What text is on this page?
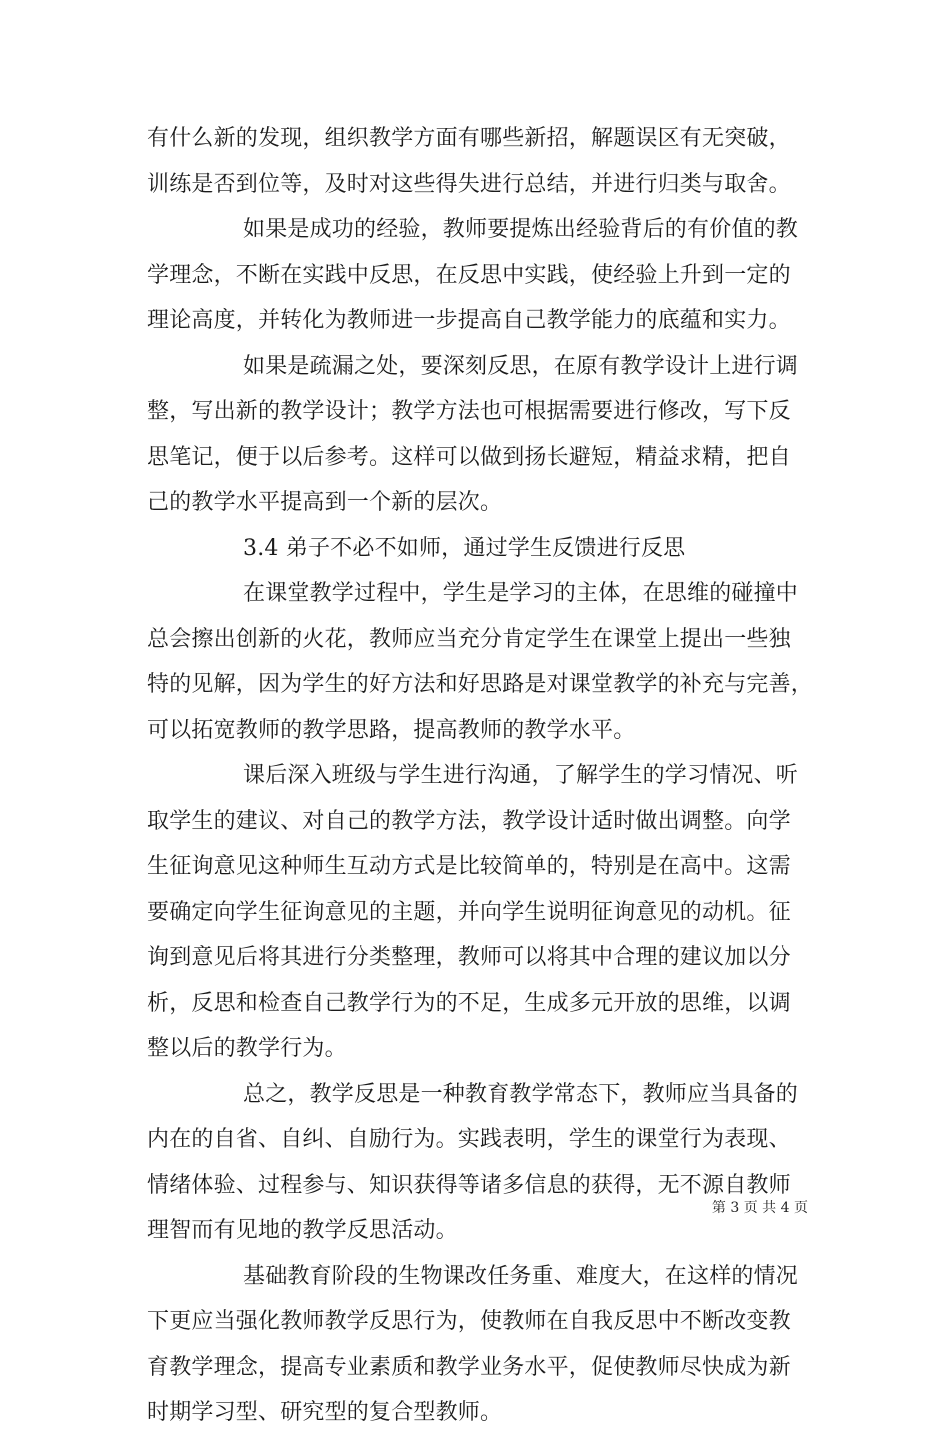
有什么新的发现，组织教学方面有哪些新招，解题误区有无突破，
训练是否到位等，及时对这些得失进行总结，并进行归类与取舍。
如果是成功的经验，教师要提炼出经验背后的有价值的教
学理念，不断在实践中反思，在反思中实践，使经验上升到一定的
理论高度，并转化为教师进一步提高自己教学能力的底蕴和实力。
如果是疏漏之处，要深刻反思，在原有教学设计上进行调
整，写出新的教学设计；教学方法也可根据需要进行修改，写下反
思笔记，便于以后参考。这样可以做到扬长避短，精益求精，把自
己的教学水平提高到一个新的层次。
3.4 弟子不必不如师，通过学生反馈进行反思
在课堂教学过程中，学生是学习的主体，在思维的碰撞中
总会擦出创新的火花，教师应当充分肯定学生在课堂上提出一些独
特的见解，因为学生的好方法和好思路是对课堂教学的补充与完善，
可以拓宽教师的教学思路，提高教师的教学水平。
课后深入班级与学生进行沟通，了解学生的学习情况、听
取学生的建议、对自己的教学方法，教学设计适时做出调整。向学
生征询意见这种师生互动方式是比较简单的，特别是在高中。这需
要确定向学生征询意见的主题，并向学生说明征询意见的动机。征
询到意见后将其进行分类整理，教师可以将其中合理的建议加以分
析，反思和检查自己教学行为的不足，生成多元开放的思维，以调
整以后的教学行为。
总之，教学反思是一种教育教学常态下，教师应当具备的
内在的自省、自纠、自励行为。实践表明，学生的课堂行为表现、
情绪体验、过程参与、知识获得等诸多信息的获得，无不源自教师
理智而有见地的教学反思活动。
基础教育阶段的生物课改任务重、难度大，在这样的情况
下更应当强化教师教学反思行为，使教师在自我反思中不断改变教
育教学理念，提高专业素质和教学业务水平，促使教师尽快成为新
时期学习型、研究型的复合型教师。
第 3 页 共 4 页
